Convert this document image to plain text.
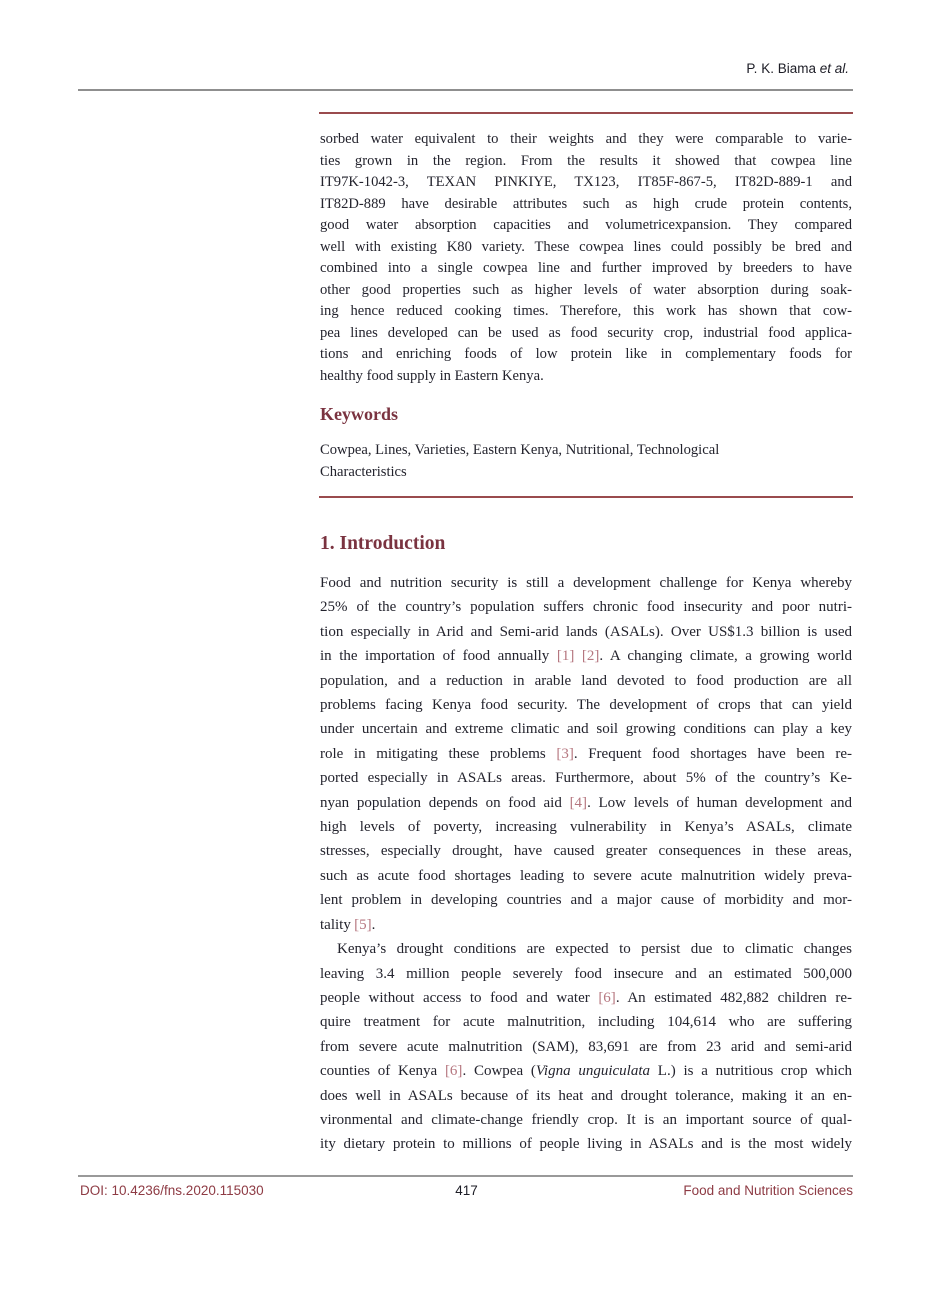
P. K. Biama et al.
sorbed water equivalent to their weights and they were comparable to varie-
ties grown in the region. From the results it showed that cowpea line
IT97K-1042-3, TEXAN PINKIYE, TX123, IT85F-867-5, IT82D-889-1 and
IT82D-889 have desirable attributes such as high crude protein contents,
good water absorption capacities and volumetricexpansion. They compared
well with existing K80 variety. These cowpea lines could possibly be bred and
combined into a single cowpea line and further improved by breeders to have
other good properties such as higher levels of water absorption during soak-
ing hence reduced cooking times. Therefore, this work has shown that cow-
pea lines developed can be used as food security crop, industrial food applica-
tions and enriching foods of low protein like in complementary foods for
healthy food supply in Eastern Kenya.
Keywords
Cowpea, Lines, Varieties, Eastern Kenya, Nutritional, Technological
Characteristics
1. Introduction
Food and nutrition security is still a development challenge for Kenya whereby
25% of the country’s population suffers chronic food insecurity and poor nutri-
tion especially in Arid and Semi-arid lands (ASALs). Over US$1.3 billion is used
in the importation of food annually [1] [2]. A changing climate, a growing world
population, and a reduction in arable land devoted to food production are all
problems facing Kenya food security. The development of crops that can yield
under uncertain and extreme climatic and soil growing conditions can play a key
role in mitigating these problems [3]. Frequent food shortages have been re-
ported especially in ASALs areas. Furthermore, about 5% of the country’s Ke-
nyan population depends on food aid [4]. Low levels of human development and
high levels of poverty, increasing vulnerability in Kenya’s ASALs, climate
stresses, especially drought, have caused greater consequences in these areas,
such as acute food shortages leading to severe acute malnutrition widely preva-
lent problem in developing countries and a major cause of morbidity and mor-
tality [5].
Kenya’s drought conditions are expected to persist due to climatic changes
leaving 3.4 million people severely food insecure and an estimated 500,000
people without access to food and water [6]. An estimated 482,882 children re-
quire treatment for acute malnutrition, including 104,614 who are suffering
from severe acute malnutrition (SAM), 83,691 are from 23 arid and semi-arid
counties of Kenya [6]. Cowpea (Vigna unguiculata L.) is a nutritious crop which
does well in ASALs because of its heat and drought tolerance, making it an en-
vironmental and climate-change friendly crop. It is an important source of qual-
ity dietary protein to millions of people living in ASALs and is the most widely
DOI: 10.4236/fns.2020.115030	417	Food and Nutrition Sciences
